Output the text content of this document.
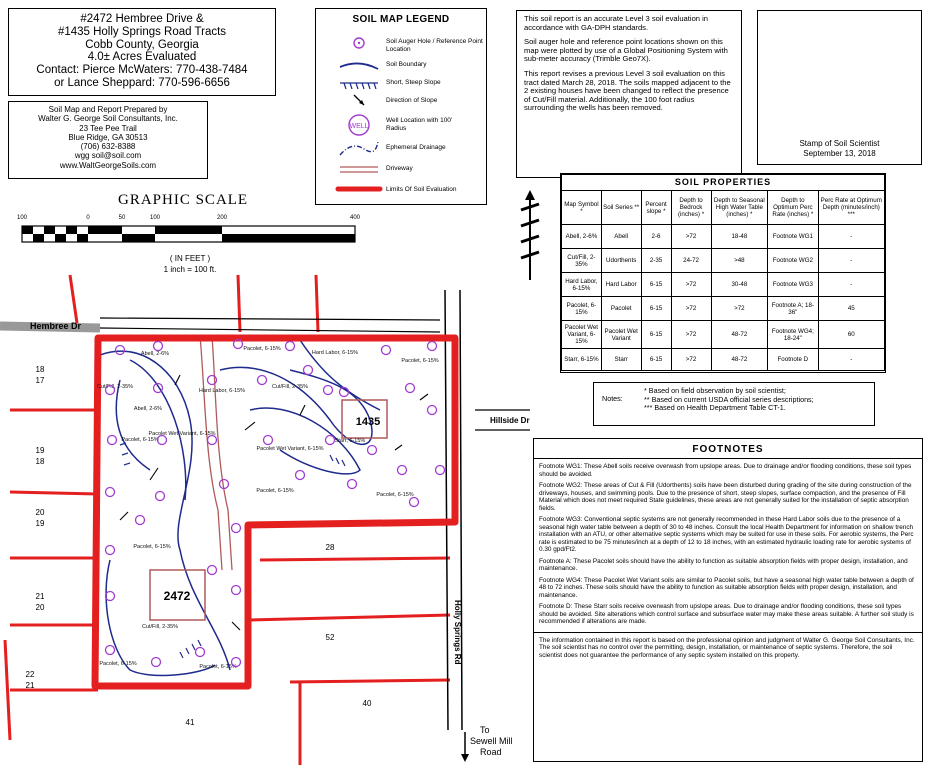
#2472 Hembree Drive &
#1435 Holly Springs Road Tracts
Cobb County, Georgia
4.0± Acres Evaluated
Contact: Pierce McWaters: 770-438-7484
or Lance Sheppard: 770-596-6656
Soil Map and Report Prepared by
Walter G. George Soil Consultants, Inc.
23 Tee Pee Trail
Blue Ridge, GA 30513
(706) 632-8388
wgg soil@soil.com
www.WaltGeorgeSoils.com
SOIL MAP LEGEND
WELL
Soil Auger Hole / Reference Point Location
Soil Boundary
Short, Steep Slope
Direction of Slope
Well Location with 100' Radius
Ephemeral Drainage
Driveway
Limits Of Soil Evaluation

This soil report is an accurate Level 3 soil evaluation in accordance with GA-DPH standards.

Soil auger hole and reference point locations shown on this map were plotted by use of a Global Positioning System with sub-meter accuracy (Trimble Geo7X).

This report revises a previous Level 3 soil evaluation on this tract dated March 28, 2018. The soils mapped adjacent to the 2 existing houses have been changed to reflect the presence of Cut/Fill material. Additionally, the 100 foot radius surrounding the wells has been removed.

Stamp of Soil Scientist
September 13, 2018
GRAPHIC SCALE
100	0	50	100	200	400
( IN FEET )
1 inch = 100 ft.
SOIL PROPERTIES						
Map Symbol *	Soil Series **	Percent slope *	Depth to Bedrock (inches) *	Depth to Seasonal High Water Table (inches) *	Depth to Optimum Perc Rate (inches) *	Perc Rate at Optimum Depth (minutes/inch) ***
Abell, 2-6%	Abell	2-6	>72	18-48	Footnote WG1	-
Cut/Fill, 2-35%	Udorthents	2-35	24-72	>48	Footnote WG2	-
Hard Labor, 6-15%	Hard Labor	6-15	>72	30-48	Footnote WG3	-
Pacolet, 6-15%	Pacolet	6-15	>72	>72	Footnote A; 18-36"	45
Pacolet Wet Variant, 6-15%	Pacolet Wet Variant	6-15	>72	48-72	Footnote WG4; 18-24"	60
Starr, 6-15%	Starr	6-15	>72	48-72	Footnote D	-
Notes:
* Based on field observation by soil scientist;
** Based on current USDA official series descriptions;
*** Based on Health Department Table CT-1.
FOOTNOTES

Footnote WG1: These Abell soils receive overwash from upslope areas. Due to drainage and/or flooding conditions, these soil types should be avoided.

Footnote WG2: These areas of Cut & Fill (Udorthents) soils have been disturbed during grading of the site during construction of the driveways, houses, and swimming pools. Due to the presence of short, steep slopes, surface compaction, and the presence of Fill Material which does not meet required State guidelines, these areas are not generally suited for the installation of septic absorption fields.

Footnote WG3: Conventional septic systems are not generally recommended in these Hard Labor soils due to the presence of a seasonal high water table between a depth of 30 to 48 inches. Consult the local Health Department for information on shallow trench installation with an ATU, or other alternative septic systems which may be suited for use in these soils. For aerobic systems, the Perc rate is estimated to be 75 minutes/inch at a depth of 12 to 18 inches, with an estimated hydraulic loading rate for aerobic systems of 0.30 gpd/Ft2.

Footnote A: These Pacolet soils should have the ability to function as suitable absorption fields with proper design, installation, and maintenance.

Footnote WG4: These Pacolet Wet Variant soils are similar to Pacolet soils, but have a seasonal high water table between a depth of 48 to 72 inches. These soils should have the ability to function as suitable absorption fields with proper design, installation, and maintenance.

Footnote D: These Starr soils receive overwash from upslope areas. Due to drainage and/or flooding conditions, these soil types should be avoided. Site alterations which control surface and subsurface water may make these areas suitable. A further soil study is recommended if alterations are made.

The information contained in this report is based on the professional opinion and judgment of Walter G. George Soil Consultants, Inc. The soil scientist has no control over the permitting, design, installation, or maintenance of septic systems. Therefore, the soil scientist does not guarantee the performance of any septic system installed on this property.

Hembree Dr
Holly Springs Rd
Hillside Dr
To
Sewell Mill
Road
2472
1435
18
17
19
18
20
19
21
20
22
21
28
52
40
41
Abell, 2-6%
Cut/Fill, 2-35%
Abell, 2-6%
Pacolet Wet Variant, 6-15%
Hard Labor, 6-15%
Pacolet, 6-15%
Cut/Fill, 2-35%
Pacolet, 6-15%
Hard Labor, 6-15%
Starr, 6-15%
Pacolet Wet Variant, 6-15%
Pacolet, 6-15%
Pacolet, 6-15%
Pacolet, 6-15%
Pacolet, 6-15%
Cut/Fill, 2-35%
Pacolet, 6-15%	Pacolet, 6-15%
